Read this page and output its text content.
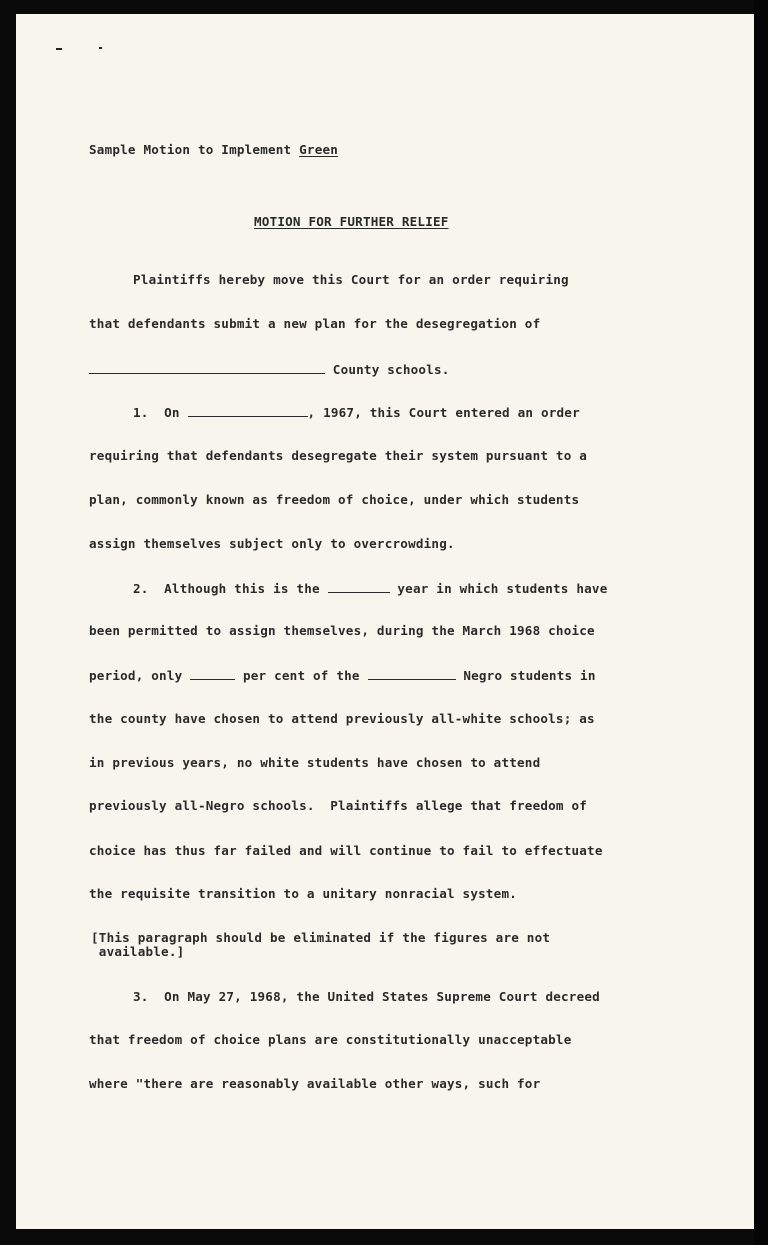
Sample Motion to Implement Green
MOTION FOR FURTHER RELIEF
Plaintiffs hereby move this Court for an order requiring
that defendants submit a new plan for the desegregation of
County schools.
1.  On	, 1967, this Court entered an order
requiring that defendants desegregate their system pursuant to a
plan, commonly known as freedom of choice, under which students
assign themselves subject only to overcrowding.
2.  Although this is the	year in which students have
been permitted to assign themselves, during the March 1968 choice
period, only	per cent of the	Negro students in
the county have chosen to attend previously all-white schools; as
in previous years, no white students have chosen to attend
previously all-Negro schools.  Plaintiffs allege that freedom of
choice has thus far failed and will continue to fail to effectuate
the requisite transition to a unitary nonracial system.
[This paragraph should be eliminated if the figures are not
available.]
3.  On May 27, 1968, the United States Supreme Court decreed
that freedom of choice plans are constitutionally unacceptable
where "there are reasonably available other ways, such for
